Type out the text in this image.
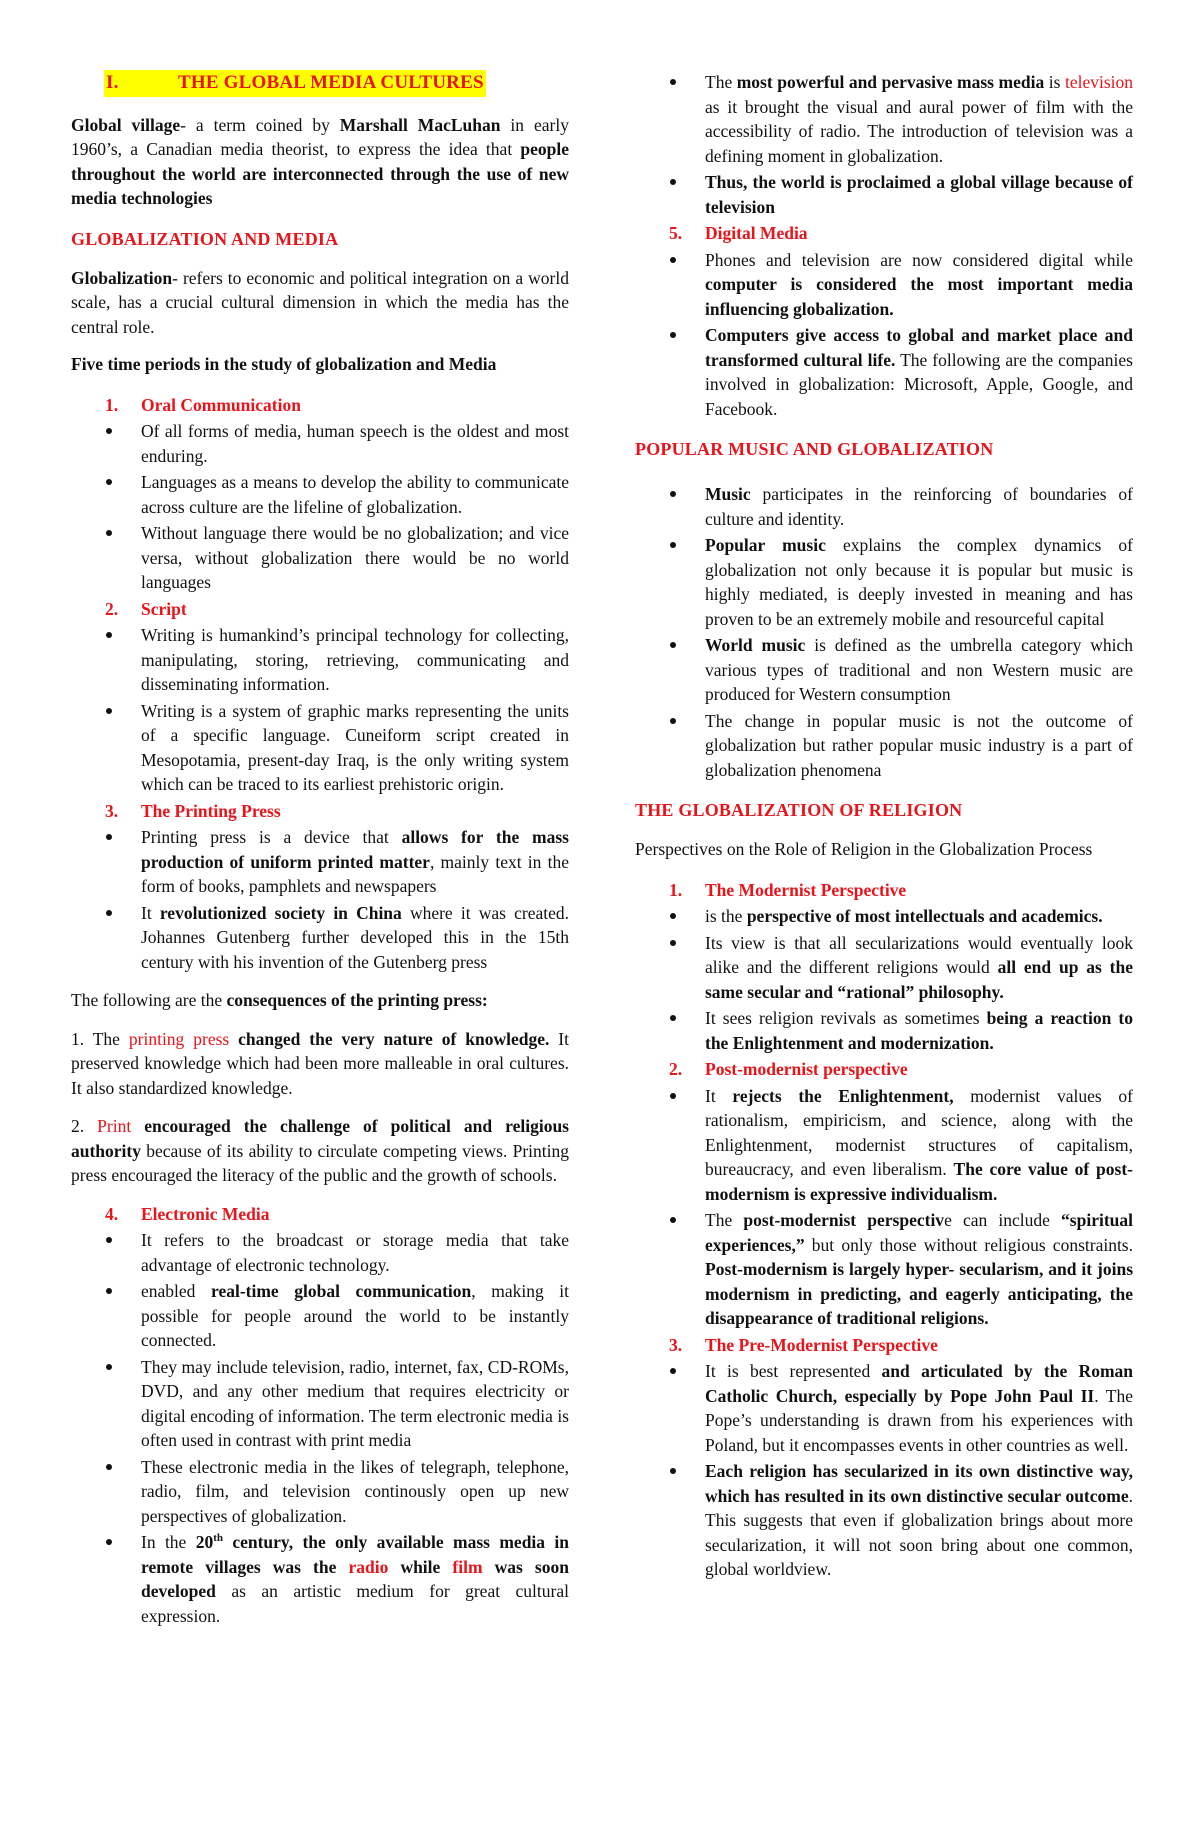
I.	THE GLOBAL MEDIA CULTURES

Global village- a term coined by Marshall MacLuhan in early 1960’s, a Canadian media theorist, to express the idea that people throughout the world are interconnected through the use of new media technologies

GLOBALIZATION AND MEDIA

Globalization- refers to economic and political integration on a world scale, has a crucial cultural dimension in which the media has the central role.

Five time periods in the study of globalization and Media

1. Oral Communication
Of all forms of media, human speech is the oldest and most enduring.
Languages as a means to develop the ability to communicate across culture are the lifeline of globalization.
Without language there would be no globalization; and vice versa, without globalization there would be no world languages
2. Script
Writing is humankind’s principal technology for collecting, manipulating, storing, retrieving, communicating and disseminating information.
Writing is a system of graphic marks representing the units of a specific language. Cuneiform script created in Mesopotamia, present-day Iraq, is the only writing system which can be traced to its earliest prehistoric origin.
3. The Printing Press
Printing press is a device that allows for the mass production of uniform printed matter, mainly text in the form of books, pamphlets and newspapers
It revolutionized society in China where it was created. Johannes Gutenberg further developed this in the 15th century with his invention of the Gutenberg press

The following are the consequences of the printing press:

1. The printing press changed the very nature of knowledge. It preserved knowledge which had been more malleable in oral cultures. It also standardized knowledge.

2. Print encouraged the challenge of political and religious authority because of its ability to circulate competing views. Printing press encouraged the literacy of the public and the growth of schools.

4. Electronic Media
It refers to the broadcast or storage media that take advantage of electronic technology.
enabled real-time global communication, making it possible for people around the world to be instantly connected.
They may include television, radio, internet, fax, CD-ROMs, DVD, and any other medium that requires electricity or digital encoding of information. The term electronic media is often used in contrast with print media
These electronic media in the likes of telegraph, telephone, radio, film, and television continously open up new perspectives of globalization.
In the 20th century, the only available mass media in remote villages was the radio while film was soon developed as an artistic medium for great cultural expression.
The most powerful and pervasive mass media is television as it brought the visual and aural power of film with the accessibility of radio. The introduction of television was a defining moment in globalization.
Thus, the world is proclaimed a global village because of television
5. Digital Media
Phones and television are now considered digital while computer is considered the most important media influencing globalization.
Computers give access to global and market place and transformed cultural life. The following are the companies involved in globalization: Microsoft, Apple, Google, and Facebook.
POPULAR MUSIC AND GLOBALIZATION
Music participates in the reinforcing of boundaries of culture and identity.
Popular music explains the complex dynamics of globalization not only because it is popular but music is highly mediated, is deeply invested in meaning and has proven to be an extremely mobile and resourceful capital
World music is defined as the umbrella category which various types of traditional and non Western music are produced for Western consumption
The change in popular music is not the outcome of globalization but rather popular music industry is a part of globalization phenomena
THE GLOBALIZATION OF RELIGION

Perspectives on the Role of Religion in the Globalization Process

1. The Modernist Perspective
is the perspective of most intellectuals and academics.
Its view is that all secularizations would eventually look alike and the different religions would all end up as the same secular and “rational” philosophy.
It sees religion revivals as sometimes being a reaction to the Enlightenment and modernization.
2. Post-modernist perspective
It rejects the Enlightenment, modernist values of rationalism, empiricism, and science, along with the Enlightenment, modernist structures of capitalism, bureaucracy, and even liberalism. The core value of post-modernism is expressive individualism.
The post-modernist perspective can include “spiritual experiences,” but only those without religious constraints. Post-modernism is largely hyper- secularism, and it joins modernism in predicting, and eagerly anticipating, the disappearance of traditional religions.
3. The Pre-Modernist Perspective
It is best represented and articulated by the Roman Catholic Church, especially by Pope John Paul II. The Pope’s understanding is drawn from his experiences with Poland, but it encompasses events in other countries as well.
Each religion has secularized in its own distinctive way, which has resulted in its own distinctive secular outcome. This suggests that even if globalization brings about more secularization, it will not soon bring about one common, global worldview.
